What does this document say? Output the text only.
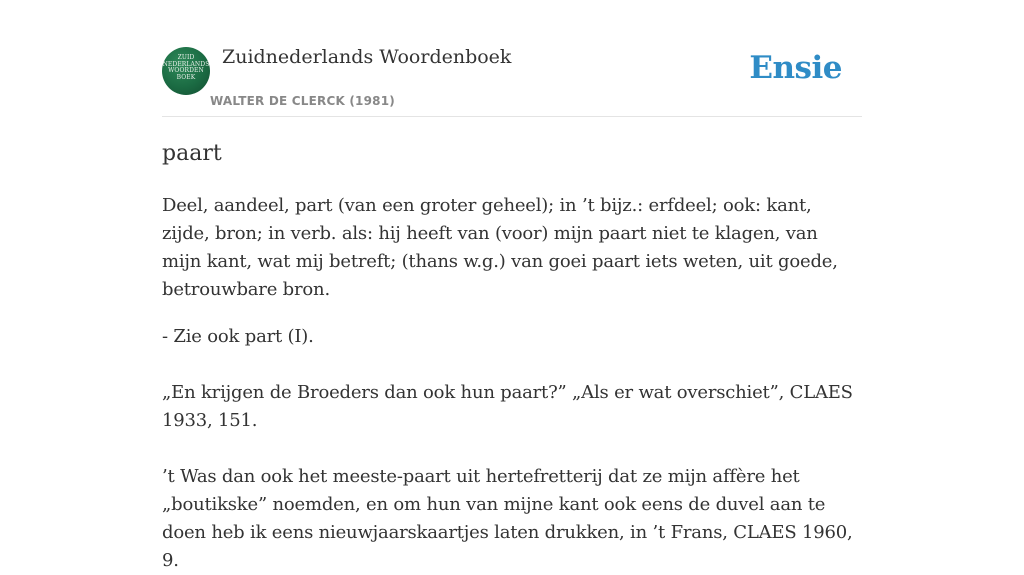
ZUID NEDERLANDS WOORDEN BOEK
Zuidnederlands Woordenboek
WALTER DE CLERCK (1981)
Ensie
paart

Deel, aandeel, part (van een groter geheel); in ’t bijz.: erfdeel; ook: kant, zijde, bron; in verb. als: hij heeft van (voor) mijn paart niet te klagen, van mijn kant, wat mij betreft; (thans w.g.) van goei paart iets weten, uit goede, betrouwbare bron.

- Zie ook part (I).

„En krijgen de Broeders dan ook hun paart?” „Als er wat overschiet”, CLAES 1933, 151.

’t Was dan ook het meeste-paart uit hertefretterij dat ze mijn affère het „boutikske” noemden, en om hun van mijne kant ook eens de duvel aan te doen heb ik eens nieuwjaarskaartjes laten drukken, in ’t Frans, CLAES 1960, 9.
